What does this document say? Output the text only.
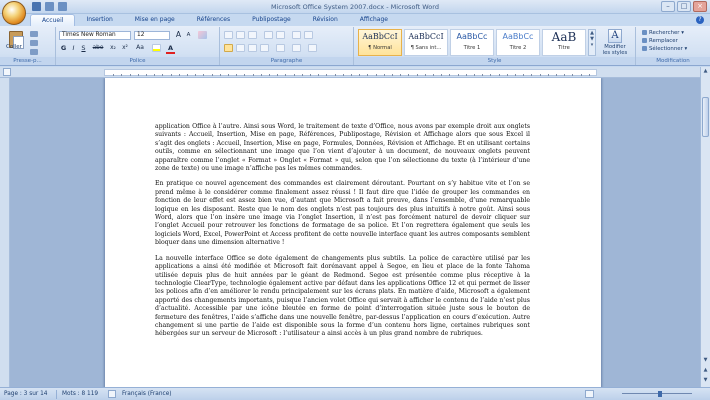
Microsoft Office System 2007.docx - Microsoft Word	–	□	×
Accueil	Insertion	Mise en page	Références	Publipostage	Révision	Affichage	?
Coller
Presse-p...
Times New Roman	12	A	A
G I	S	abe	x₂	x²	Aa	A
Police	Paragraphe
AaBbCcI
¶ Normal
AaBbCcI
¶ Sans int...
AaBbCc
Titre 1
AaBbCc
Titre 2
AaB
Titre
▲
▼
▾
A
Modifier les styles
Style
Rechercher ▾
Remplacer
Sélectionner ▾
Modification

application Office à l’autre. Ainsi sous Word, le traitement de texte d’Office, nous avons par exemple droit aux onglets suivants : Accueil, Insertion, Mise en page, Références, Publipostage, Révision et Affichage alors que sous Excel il s’agit des onglets : Accueil, Insertion, Mise en page, Formules, Données, Révision et Affichage. Et en utilisant certains outils, comme en sélectionnant une image que l’on vient d’ajouter à un document, de nouveaux onglets peuvent apparaître comme l’onglet « Format » Onglet « Format » qui, selon que l’on sélectionne du texte (à l’intérieur d’une zone de texte) ou une image n’affiche pas les mêmes commandes.

En pratique ce nouvel agencement des commandes est clairement déroutant. Pourtant on s’y habitue vite et l’on se prend même à le considérer comme finalement assez réussi ! Il faut dire que l’idée de grouper les commandes en fonction de leur effet est assez bien vue, d’autant que Microsoft a fait preuve, dans l’ensemble, d’une remarquable logique en les disposant. Reste que le nom des onglets n’est pas toujours des plus intuitifs à notre goût. Ainsi sous Word, alors que l’on insère une image via l’onglet Insertion, il n’est pas forcément naturel de devoir cliquer sur l’onglet Accueil pour retrouver les fonctions de formatage de sa police. Et l’on regrettera également que seuls les logiciels Word, Excel, PowerPoint et Access profitent de cette nouvelle interface quant les autres composants semblent bloquer dans une dimension alternative !

La nouvelle interface Office se dote également de changements plus subtils. La police de caractère utilisé par les applications a ainsi été modifiée et Microsoft fait dorénavant appel à Segoe, en lieu et place de la fonte Tahoma utilisée depuis plus de huit années par le géant de Redmond. Segoe est présentée comme plus réceptive à la technologie ClearType, technologie également active par défaut dans les applications Office 12 et qui permet de lisser les polices afin d’en améliorer le rendu principalement sur les écrans plats. En matière d’aide, Microsoft a également apporté des changements importants, puisque l’ancien volet Office qui servait à afficher le contenu de l’aide n’est plus d’actualité. Accessible par une icône bleutée en forme de point d’interrogation située juste sous le bouton de fermeture des fenêtres, l’aide s’affiche dans une nouvelle fenêtre, par-dessus l’application en cours d’exécution. Autre changement si une partie de l’aide est disponible sous la forme d’un contenu hors ligne, certaines rubriques sont hébergées sur un serveur de Microsoft : l’utilisateur a ainsi accès à un plus grand nombre de rubriques.

▲
▼
▲
▼
Page : 3 sur 14	Mots : 8 119	Français (France)
